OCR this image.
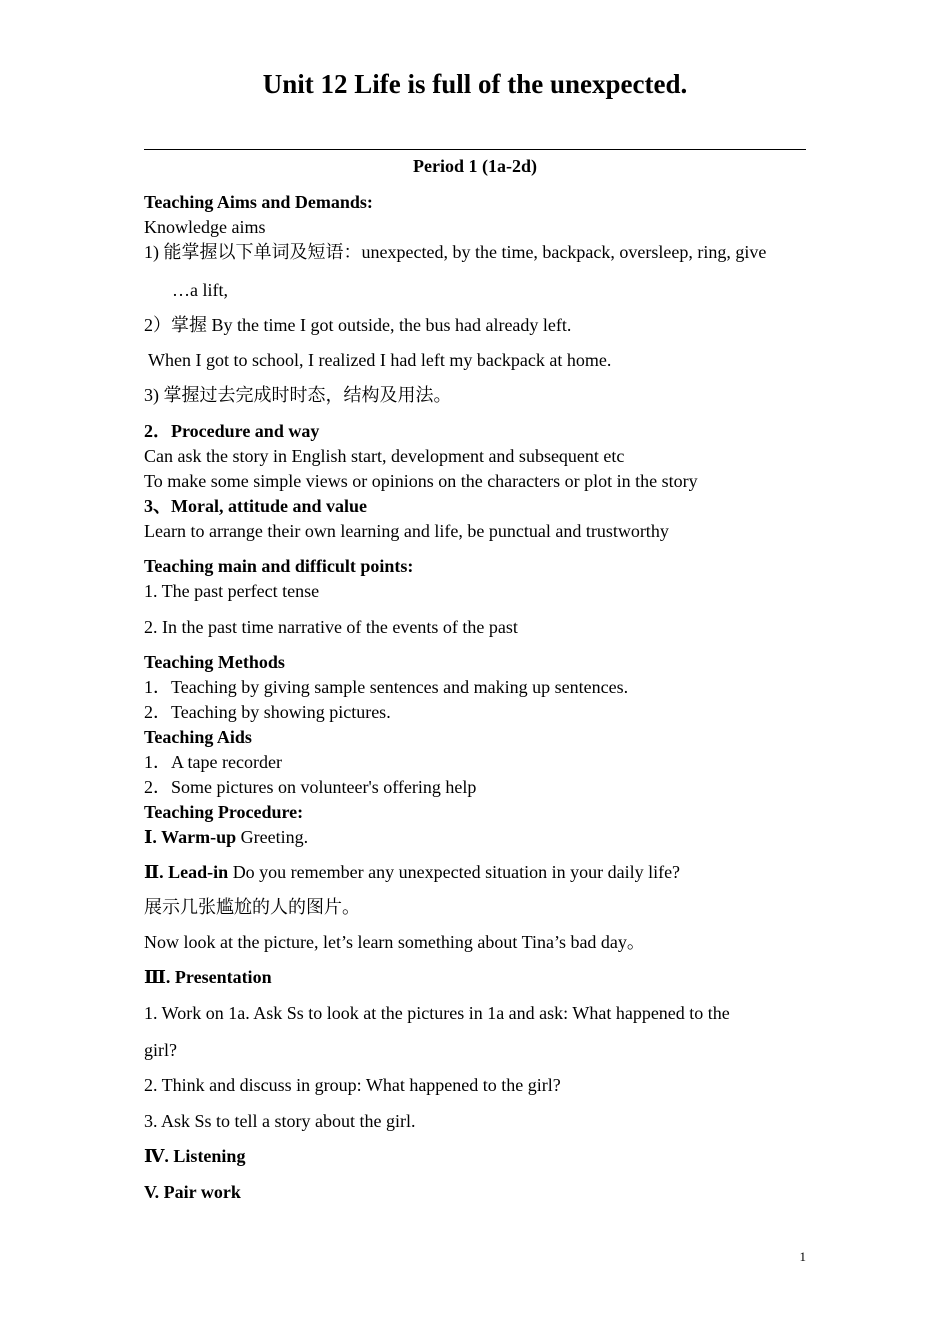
Unit 12 Life is full of the unexpected.
Period 1 (1a-2d)
Teaching Aims and Demands:
Knowledge aims
1) 能掌握以下单词及短语：unexpected, by the time, backpack, oversleep, ring, give
…a lift,
2）掌握 By the time I got outside, the bus had already left.
When I got to school, I realized I had left my backpack at home.
3) 掌握过去完成时时态，结构及用法。
2．Procedure and way
Can ask the story in English start, development and subsequent etc
To make some simple views or opinions on the characters or plot in the story
3、Moral, attitude and value
Learn to arrange their own learning and life, be punctual and trustworthy
Teaching main and difficult points:
1. The past perfect tense
2. In the past time narrative of the events of the past
Teaching Methods
1．Teaching by giving sample sentences and making up sentences.
2．Teaching by showing pictures.
Teaching Aids
1．A tape recorder
2．Some pictures on volunteer's offering help
Teaching Procedure:
Ⅰ. Warm-up Greeting.
Ⅱ. Lead-in Do you remember any unexpected situation in your daily life?
展示几张尴尬的人的图片。
Now look at the picture, let’s learn something about Tina’s bad day。
Ⅲ. Presentation
1. Work on 1a. Ask Ss to look at the pictures in 1a and ask: What happened to the
girl?
2. Think and discuss in group: What happened to the girl?
3. Ask Ss to tell a story about the girl.
Ⅳ. Listening
V. Pair work
1
